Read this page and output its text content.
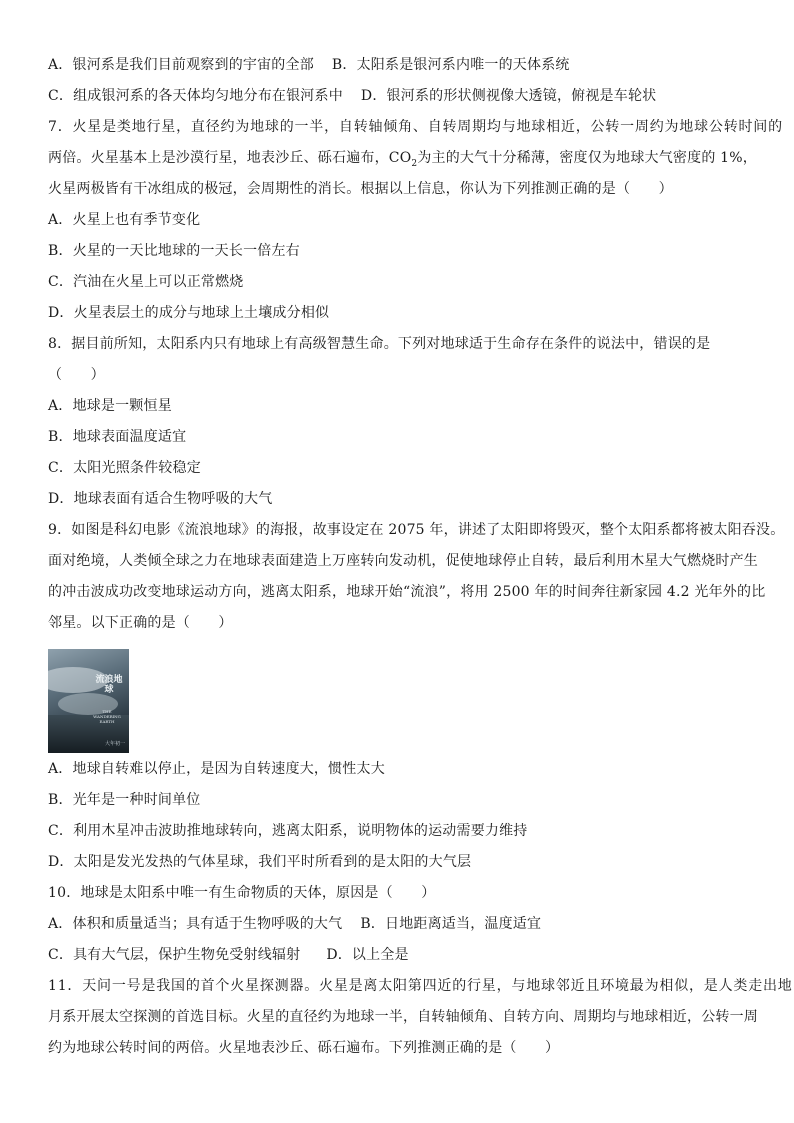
A．银河系是我们目前观察到的宇宙的全部 B．太阳系是银河系内唯一的天体系统
C．组成银河系的各天体均匀地分布在银河系中 D．银河系的形状侧视像大透镜，俯视是车轮状
7．火星是类地行星，直径约为地球的一半，自转轴倾角、自转周期均与地球相近，公转一周约为地球公转时间的
两倍。火星基本上是沙漠行星，地表沙丘、砾石遍布，$CO_2$为主的大气十分稀薄，密度仅为地球大气密度的 1%，
火星两极皆有干冰组成的极冠，会周期性的消长。根据以上信息，你认为下列推测正确的是（　　）
A．火星上也有季节变化
B．火星的一天比地球的一天长一倍左右
C．汽油在火星上可以正常燃烧
D．火星表层土的成分与地球上土壤成分相似
8．据目前所知，太阳系内只有地球上有高级智慧生命。下列对地球适于生命存在条件的说法中，错误的是
（　　）
A．地球是一颗恒星
B．地球表面温度适宜
C．太阳光照条件较稳定
D．地球表面有适合生物呼吸的大气
9．如图是科幻电影《流浪地球》的海报，故事设定在 2075 年，讲述了太阳即将毁灭，整个太阳系都将被太阳吞没。
面对绝境，人类倾全球之力在地球表面建造上万座转向发动机，促使地球停止自转，最后利用木星大气燃烧时产生
的冲击波成功改变地球运动方向，逃离太阳系，地球开始“流浪”，将用 2500 年的时间奔往新家园 4.2 光年外的比
邻星。以下正确的是（　　）
流浪地球
THE WANDERING EARTH
大年初一
A．地球自转难以停止，是因为自转速度大，惯性太大
B．光年是一种时间单位
C．利用木星冲击波助推地球转向，逃离太阳系，说明物体的运动需要力维持
D．太阳是发光发热的气体星球，我们平时所看到的是太阳的大气层
10．地球是太阳系中唯一有生命物质的天体，原因是（　　）
A．体积和质量适当；具有适于生物呼吸的大气 B．日地距离适当，温度适宜
C．具有大气层，保护生物免受射线辐射 D．以上全是
11．天问一号是我国的首个火星探测器。火星是离太阳第四近的行星，与地球邻近且环境最为相似，是人类走出地
月系开展太空探测的首选目标。火星的直径约为地球一半，自转轴倾角、自转方向、周期均与地球相近，公转一周
约为地球公转时间的两倍。火星地表沙丘、砾石遍布。下列推测正确的是（　　）
